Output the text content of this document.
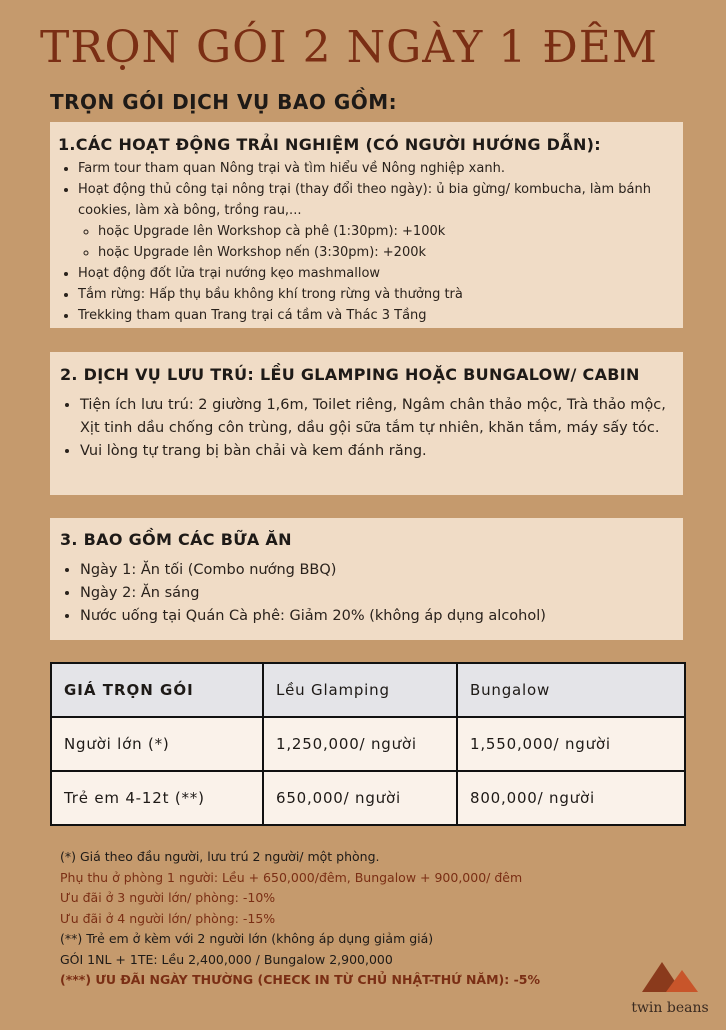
TRỌN GÓI 2 NGÀY 1 ĐÊM
TRỌN GÓI DỊCH VỤ BAO GỒM:
1.CÁC HOẠT ĐỘNG TRẢI NGHIỆM (CÓ NGƯỜI HƯỚNG DẪN):
• Farm tour tham quan Nông trại và tìm hiểu về Nông nghiệp xanh.
• Hoạt động thủ công tại nông trại (thay đổi theo ngày): ủ bia gừng/ kombucha, làm bánh cookies, làm xà bông, trồng rau,...
◦ hoặc Upgrade lên Workshop cà phê (1:30pm): +100k
◦ hoặc Upgrade lên Workshop nến (3:30pm): +200k
• Hoạt động đốt lửa trại nướng kẹo mashmallow
• Tắm rừng: Hấp thụ bầu không khí trong rừng và thưởng trà
• Trekking tham quan Trang trại cá tầm và Thác 3 Tầng
2. DỊCH VỤ LƯU TRÚ: LỀU GLAMPING HOẶC BUNGALOW/ CABIN
• Tiện ích lưu trú: 2 giường 1,6m, Toilet riêng, Ngâm chân thảo mộc, Trà thảo mộc, Xịt tinh dầu chống côn trùng, dầu gội sữa tắm tự nhiên, khăn tắm, máy sấy tóc.
• Vui lòng tự trang bị bàn chải và kem đánh răng.
3. BAO GỒM CÁC BỮA ĂN
• Ngày 1: Ăn tối (Combo nướng BBQ)
• Ngày 2: Ăn sáng
• Nước uống tại Quán Cà phê: Giảm 20% (không áp dụng alcohol)
GIÁ TRỌN GÓI	Lều Glamping	Bungalow
Người lớn (*)	1,250,000/ người	1,550,000/ người
Trẻ em 4-12t (**)	650,000/ người	800,000/ người
(*) Giá theo đầu người, lưu trú 2 người/ một phòng.
Phụ thu ở phòng 1 người: Lều + 650,000/đêm, Bungalow + 900,000/ đêm
Ưu đãi ở 3 người lớn/ phòng: -10%
Ưu đãi ở 4 người lớn/ phòng: -15%
(**) Trẻ em ở kèm với 2 người lớn (không áp dụng giảm giá)
GÓI 1NL + 1TE: Lều 2,400,000 / Bungalow 2,900,000
(***) ƯU ĐÃI NGÀY THƯỜNG (CHECK IN TỪ CHỦ NHẬT-THỨ NĂM): -5%
twin beans
